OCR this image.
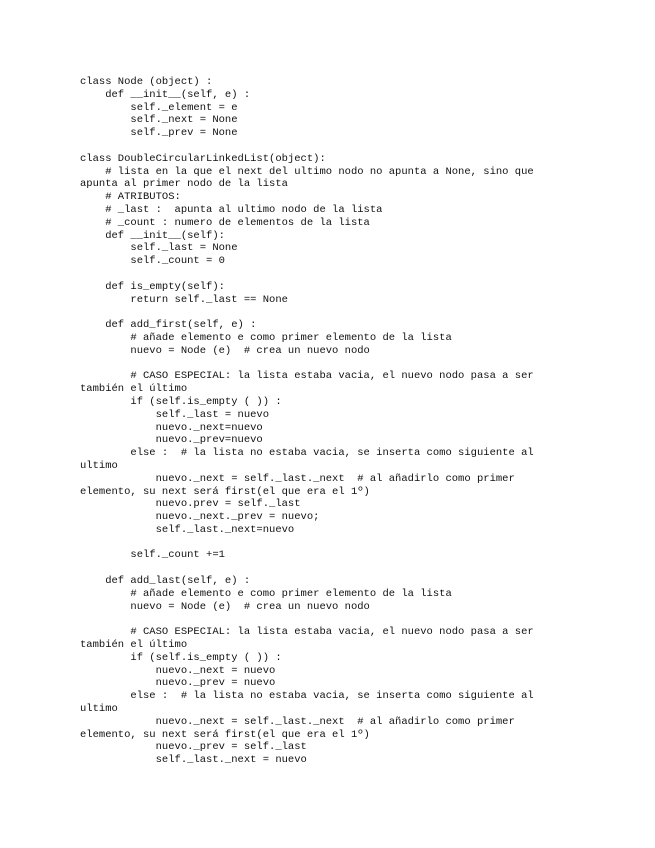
class Node (object) :
def __init__(self, e) :
self._element = e
self._next = None
self._prev = None
class DoubleCircularLinkedList(object):
# lista en la que el next del ultimo nodo no apunta a None, sino que
apunta al primer nodo de la lista
# ATRIBUTOS:
# _last :  apunta al ultimo nodo de la lista
# _count : numero de elementos de la lista
def __init__(self):
self._last = None
self._count = 0
def is_empty(self):
return self._last == None
def add_first(self, e) :
# añade elemento e como primer elemento de la lista
nuevo = Node (e)  # crea un nuevo nodo
# CASO ESPECIAL: la lista estaba vacia, el nuevo nodo pasa a ser
también el último
if (self.is_empty ( )) :
self._last = nuevo
nuevo._next=nuevo
nuevo._prev=nuevo
else :  # la lista no estaba vacia, se inserta como siguiente al
ultimo
nuevo._next = self._last._next  # al añadirlo como primer
elemento, su next será first(el que era el 1º)
nuevo.prev = self._last
nuevo._next._prev = nuevo;
self._last._next=nuevo
self._count +=1
def add_last(self, e) :
# añade elemento e como primer elemento de la lista
nuevo = Node (e)  # crea un nuevo nodo
# CASO ESPECIAL: la lista estaba vacia, el nuevo nodo pasa a ser
también el último
if (self.is_empty ( )) :
nuevo._next = nuevo
nuevo._prev = nuevo
else :  # la lista no estaba vacia, se inserta como siguiente al
ultimo
nuevo._next = self._last._next  # al añadirlo como primer
elemento, su next será first(el que era el 1º)
nuevo._prev = self._last
self._last._next = nuevo
